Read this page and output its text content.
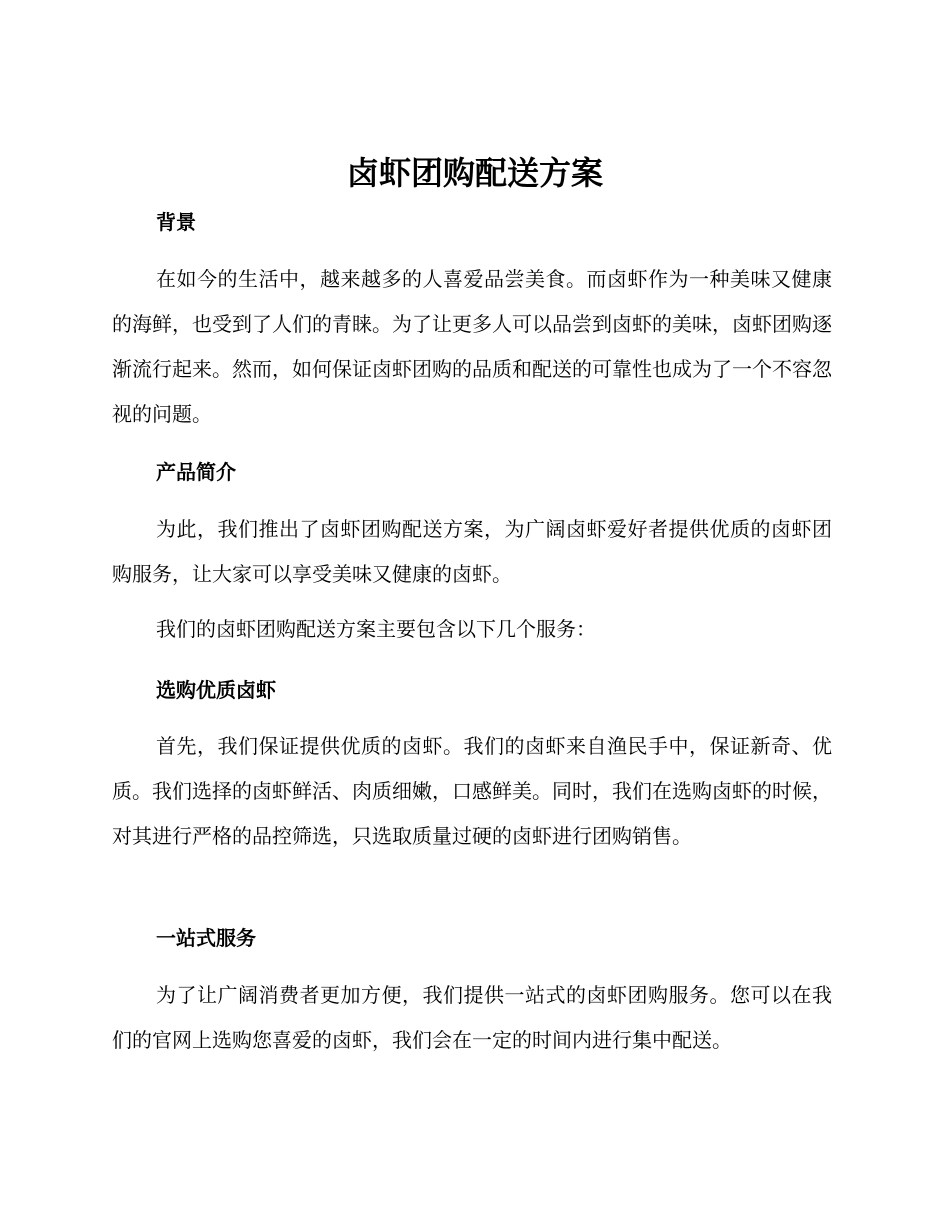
卤虾团购配送方案
背景

在如今的生活中，越来越多的人喜爱品尝美食。而卤虾作为一种美味又健康的海鲜，也受到了人们的青睐。为了让更多人可以品尝到卤虾的美味，卤虾团购逐渐流行起来。然而，如何保证卤虾团购的品质和配送的可靠性也成为了一个不容忽视的问题。

产品简介

为此，我们推出了卤虾团购配送方案，为广阔卤虾爱好者提供优质的卤虾团购服务，让大家可以享受美味又健康的卤虾。

我们的卤虾团购配送方案主要包含以下几个服务：

选购优质卤虾

首先，我们保证提供优质的卤虾。我们的卤虾来自渔民手中，保证新奇、优质。我们选择的卤虾鲜活、肉质细嫩，口感鲜美。同时，我们在选购卤虾的时候，对其进行严格的品控筛选，只选取质量过硬的卤虾进行团购销售。

一站式服务

为了让广阔消费者更加方便，我们提供一站式的卤虾团购服务。您可以在我们的官网上选购您喜爱的卤虾，我们会在一定的时间内进行集中配送。
